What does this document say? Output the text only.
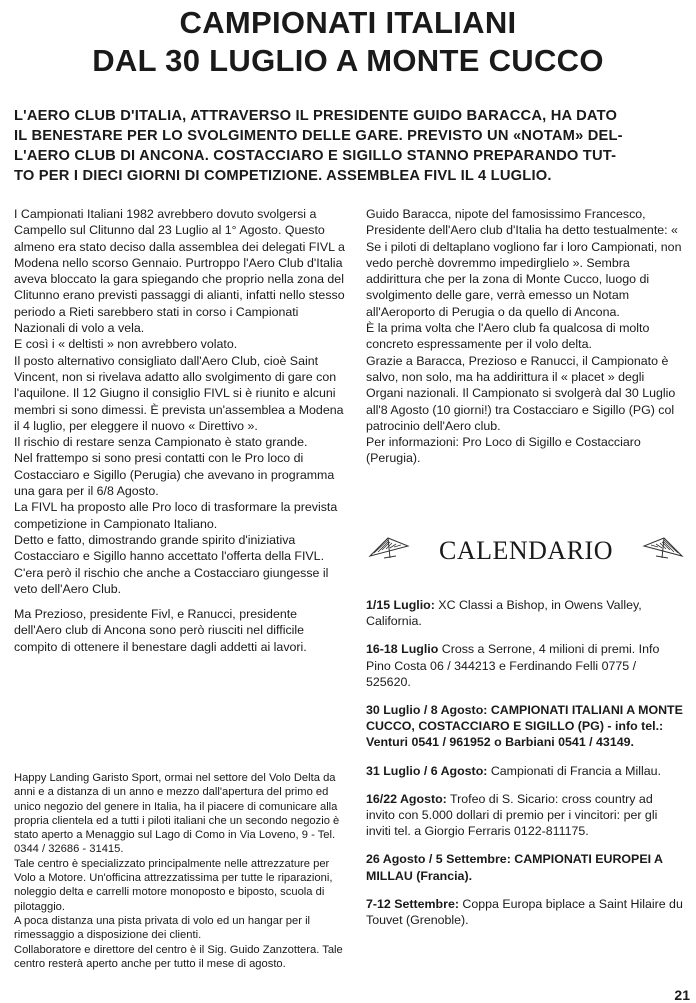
CAMPIONATI ITALIANI
DAL 30 LUGLIO A MONTE CUCCO
L'AERO CLUB D'ITALIA, ATTRAVERSO IL PRESIDENTE GUIDO BARACCA, HA DATO
IL BENESTARE PER LO SVOLGIMENTO DELLE GARE. PREVISTO UN «NOTAM» DEL-
L'AERO CLUB DI ANCONA. COSTACCIARO E SIGILLO STANNO PREPARANDO TUT-
TO PER I DIECI GIORNI DI COMPETIZIONE. ASSEMBLEA FIVL IL 4 LUGLIO.

I Campionati Italiani 1982 avrebbero dovuto svolgersi a Campello sul Clitunno dal 23 Luglio al 1° Agosto. Questo almeno era stato deciso dalla assemblea dei delegati FIVL a Modena nello scorso Gennaio. Purtroppo l'Aero Club d'Italia aveva bloccato la gara spiegando che proprio nella zona del Clitunno erano previsti passaggi di alianti, infatti nello stesso periodo a Rieti sarebbero stati in corso i Campionati Nazionali di volo a vela.

E così i « deltisti » non avrebbero volato.

Il posto alternativo consigliato dall'Aero Club, cioè Saint Vincent, non si rivelava adatto allo svolgimento di gare con l'aquilone. Il 12 Giugno il consiglio FIVL si è riunito e alcuni membri si sono dimessi. È prevista un'assemblea a Modena il 4 luglio, per eleggere il nuovo « Direttivo ».

Il rischio di restare senza Campionato è stato grande.

Nel frattempo si sono presi contatti con le Pro loco di Costacciaro e Sigillo (Perugia) che avevano in programma una gara per il 6/8 Agosto.

La FIVL ha proposto alle Pro loco di trasformare la prevista competizione in Campionato Italiano.

Detto e fatto, dimostrando grande spirito d'iniziativa Costacciaro e Sigillo hanno accettato l'offerta della FIVL.

C'era però il rischio che anche a Costacciaro giungesse il veto dell'Aero Club.

Ma Prezioso, presidente Fivl, e Ranucci, presidente dell'Aero club di Ancona sono però riusciti nel difficile compito di ottenere il benestare dagli addetti ai lavori.

Happy Landing Garisto Sport, ormai nel settore del Volo Delta da anni e a distanza di un anno e mezzo dall'apertura del primo ed unico negozio del genere in Italia, ha il piacere di comunicare alla propria clientela ed a tutti i piloti italiani che un secondo negozio è stato aperto a Menaggio sul Lago di Como in Via Loveno, 9 - Tel. 0344 / 32686 - 31415.

Tale centro è specializzato principalmente nelle attrezzature per Volo a Motore. Un'officina attrezzatissima per tutte le riparazioni, noleggio delta e carrelli motore monoposto e biposto, scuola di pilotaggio.

A poca distanza una pista privata di volo ed un hangar per il rimessaggio a disposizione dei clienti.

Collaboratore e direttore del centro è il Sig. Guido Zanzottera. Tale centro resterà aperto anche per tutto il mese di agosto.

Guido Baracca, nipote del famosissimo Francesco, Presidente dell'Aero club d'Italia ha detto testualmente: « Se i piloti di deltaplano vogliono far i loro Campionati, non vedo perchè dovremmo impedirglielo ». Sembra addirittura che per la zona di Monte Cucco, luogo di svolgimento delle gare, verrà emesso un Notam all'Aeroporto di Perugia o da quello di Ancona.

È la prima volta che l'Aero club fa qualcosa di molto concreto espressamente per il volo delta.

Grazie a Baracca, Prezioso e Ranucci, il Campionato è salvo, non solo, ma ha addirittura il « placet » degli Organi nazionali. Il Campionato si svolgerà dal 30 Luglio all'8 Agosto (10 giorni!) tra Costacciaro e Sigillo (PG) col patrocinio dell'Aero club.

Per informazioni: Pro Loco di Sigillo e Costacciaro (Perugia).

CALENDARIO
1/15 Luglio: XC Classi a Bishop, in Owens Valley, California.
16-18 Luglio Cross a Serrone, 4 milioni di premi. Info Pino Costa 06 / 344213 e Ferdinando Felli 0775 / 525620.
30 Luglio / 8 Agosto: CAMPIONATI ITALIANI A MONTE CUCCO, COSTACCIARO E SIGILLO (PG) - info tel.: Venturi 0541 / 961952 o Barbiani 0541 / 43149.
31 Luglio / 6 Agosto: Campionati di Francia a Millau.
16/22 Agosto: Trofeo di S. Sicario: cross country ad invito con 5.000 dollari di premio per i vincitori: per gli inviti tel. a Giorgio Ferraris 0122-811175.
26 Agosto / 5 Settembre: CAMPIONATI EUROPEI A MILLAU (Francia).
7-12 Settembre: Coppa Europa biplace a Saint Hilaire du Touvet (Grenoble).
21
